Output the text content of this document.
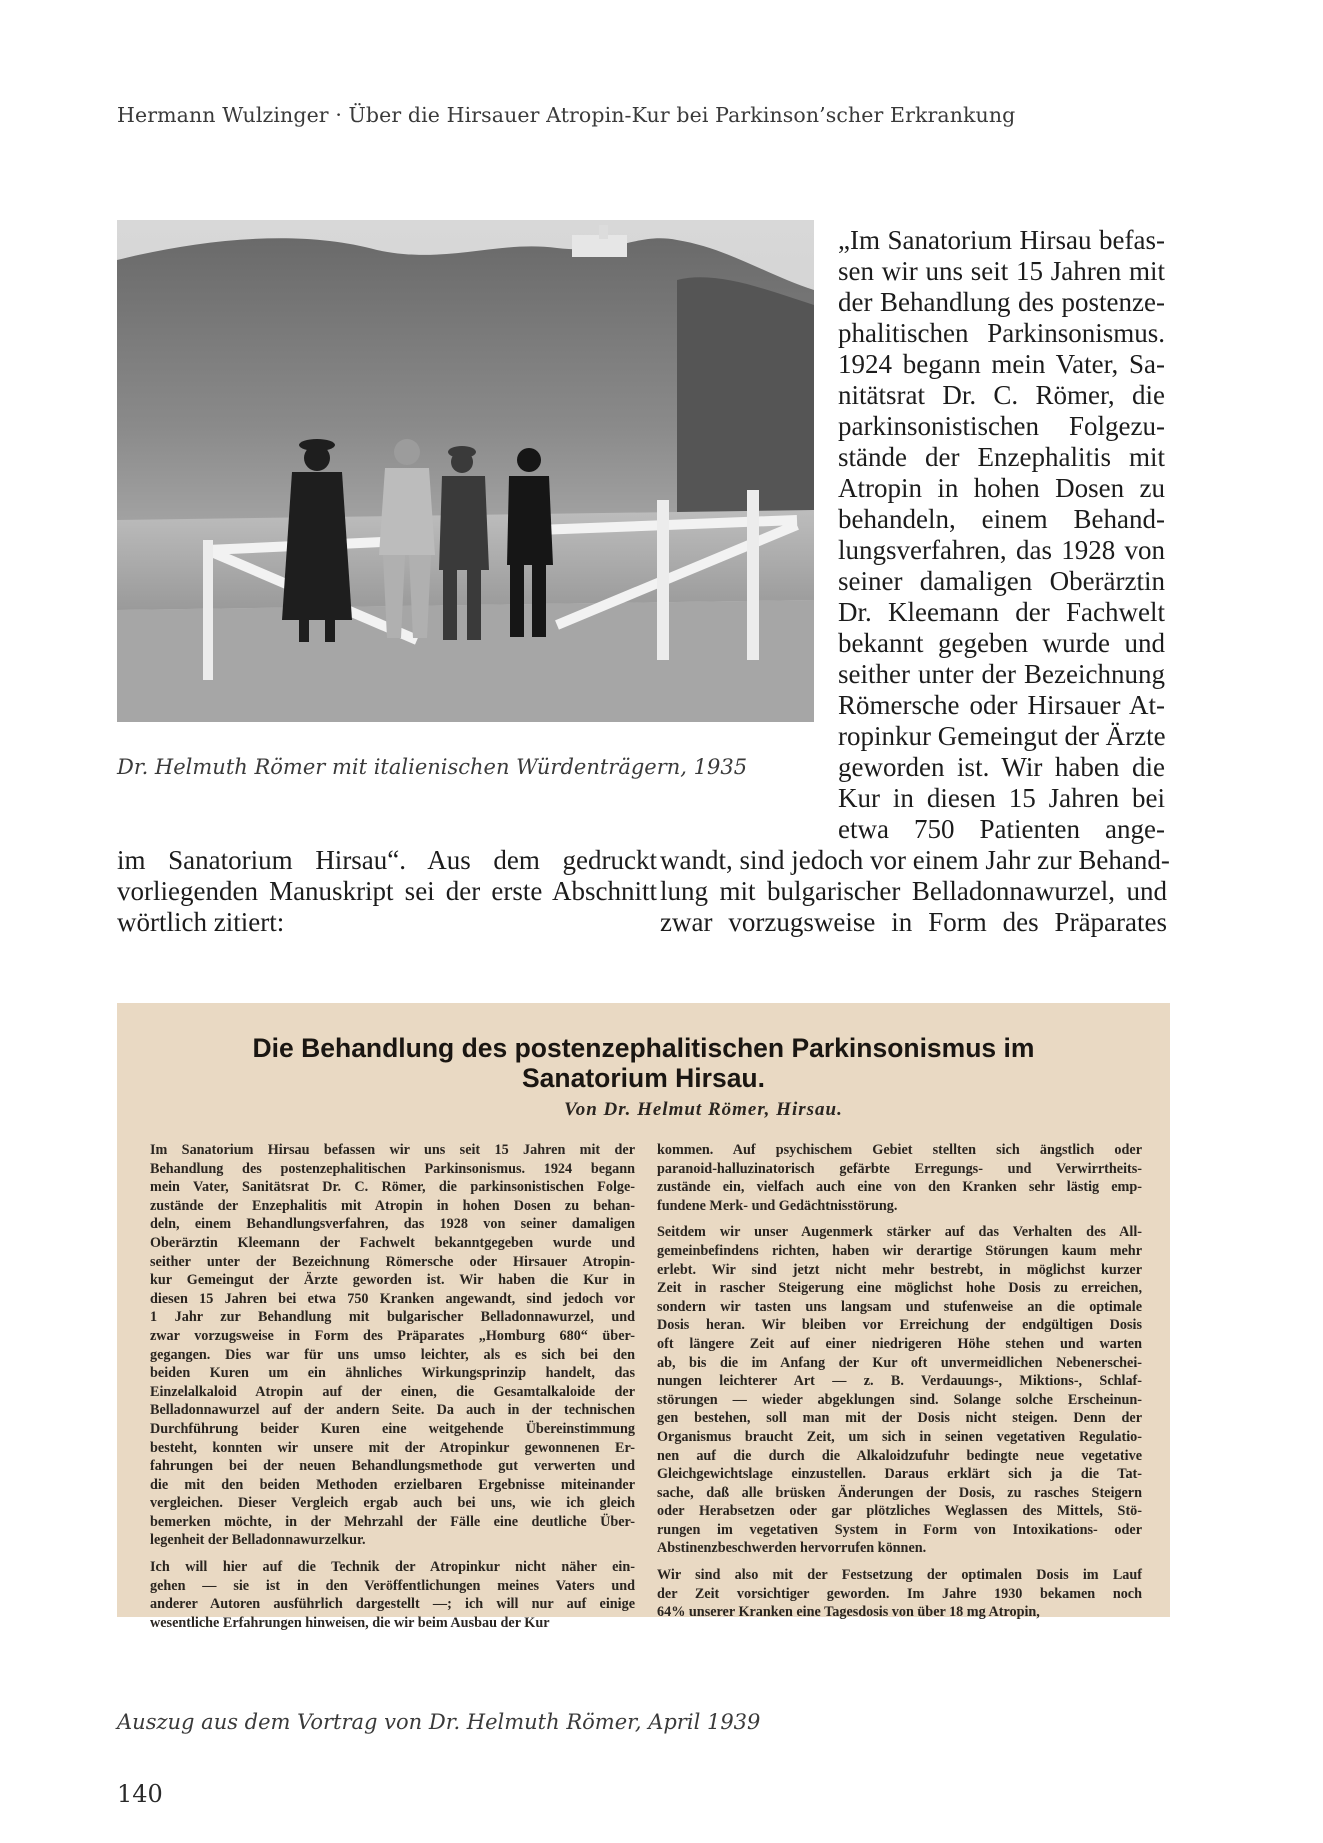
Hermann Wulzinger · Über die Hirsauer Atropin-Kur bei Parkinson’scher Erkrankung
Dr. Helmuth Römer mit italienischen Würdenträgern, 1935
„Im Sanatorium Hirsau befas-
sen wir uns seit 15 Jahren mit
der Behandlung des postenze-
phalitischen Parkinsonismus.
1924 begann mein Vater, Sa-
nitätsrat Dr. C. Römer, die
parkinsonistischen Folgezu-
stände der Enzephalitis mit
Atropin in hohen Dosen zu
behandeln, einem Behand-
lungsverfahren, das 1928 von
seiner damaligen Oberärztin
Dr. Kleemann der Fachwelt
bekannt gegeben wurde und
seither unter der Bezeichnung
Römersche oder Hirsauer At-
ropinkur Gemeingut der Ärzte
geworden ist. Wir haben die
Kur in diesen 15 Jahren bei
etwa 750 Patienten ange-
im Sanatorium Hirsau“. Aus dem gedruckt
vorliegenden Manuskript sei der erste Abschnitt
wörtlich zitiert:
wandt, sind jedoch vor einem Jahr zur Behand-
lung mit bulgarischer Belladonnawurzel, und
zwar vorzugsweise in Form des Präparates
Die Behandlung des postenzephalitischen Parkinsonismus im
Sanatorium Hirsau.
Von Dr. Helmut Römer, Hirsau.
Im Sanatorium Hirsau befassen wir uns seit 15 Jahren mit der
Behandlung des postenzephalitischen Parkinsonismus. 1924 begann
mein Vater, Sanitätsrat Dr. C. Römer, die parkinsonistischen Folge-
zustände der Enzephalitis mit Atropin in hohen Dosen zu behan-
deln, einem Behandlungsverfahren, das 1928 von seiner damaligen
Oberärztin Kleemann der Fachwelt bekanntgegeben wurde und
seither unter der Bezeichnung Römersche oder Hirsauer Atropin-
kur Gemeingut der Ärzte geworden ist. Wir haben die Kur in
diesen 15 Jahren bei etwa 750 Kranken angewandt, sind jedoch vor
1 Jahr zur Behandlung mit bulgarischer Belladonnawurzel, und
zwar vorzugsweise in Form des Präparates „Homburg 680“ über-
gegangen. Dies war für uns umso leichter, als es sich bei den
beiden Kuren um ein ähnliches Wirkungsprinzip handelt, das
Einzelalkaloid Atropin auf der einen, die Gesamtalkaloide der
Belladonnawurzel auf der andern Seite. Da auch in der technischen
Durchführung beider Kuren eine weitgehende Übereinstimmung
besteht, konnten wir unsere mit der Atropinkur gewonnenen Er-
fahrungen bei der neuen Behandlungsmethode gut verwerten und
die mit den beiden Methoden erzielbaren Ergebnisse miteinander
vergleichen. Dieser Vergleich ergab auch bei uns, wie ich gleich
bemerken möchte, in der Mehrzahl der Fälle eine deutliche Über-
legenheit der Belladonnawurzelkur.
Ich will hier auf die Technik der Atropinkur nicht näher ein-
gehen — sie ist in den Veröffentlichungen meines Vaters und
anderer Autoren ausführlich dargestellt —; ich will nur auf einige
wesentliche Erfahrungen hinweisen, die wir beim Ausbau der Kur
kommen. Auf psychischem Gebiet stellten sich ängstlich oder
paranoid-halluzinatorisch gefärbte Erregungs- und Verwirrtheits-
zustände ein, vielfach auch eine von den Kranken sehr lästig emp-
fundene Merk- und Gedächtnisstörung.
Seitdem wir unser Augenmerk stärker auf das Verhalten des All-
gemeinbefindens richten, haben wir derartige Störungen kaum mehr
erlebt. Wir sind jetzt nicht mehr bestrebt, in möglichst kurzer
Zeit in rascher Steigerung eine möglichst hohe Dosis zu erreichen,
sondern wir tasten uns langsam und stufenweise an die optimale
Dosis heran. Wir bleiben vor Erreichung der endgültigen Dosis
oft längere Zeit auf einer niedrigeren Höhe stehen und warten
ab, bis die im Anfang der Kur oft unvermeidlichen Nebenerschei-
nungen leichterer Art — z. B. Verdauungs-, Miktions-, Schlaf-
störungen — wieder abgeklungen sind. Solange solche Erscheinun-
gen bestehen, soll man mit der Dosis nicht steigen. Denn der
Organismus braucht Zeit, um sich in seinen vegetativen Regulatio-
nen auf die durch die Alkaloidzufuhr bedingte neue vegetative
Gleichgewichtslage einzustellen. Daraus erklärt sich ja die Tat-
sache, daß alle brüsken Änderungen der Dosis, zu rasches Steigern
oder Herabsetzen oder gar plötzliches Weglassen des Mittels, Stö-
rungen im vegetativen System in Form von Intoxikations- oder
Abstinenzbeschwerden hervorrufen können.
Wir sind also mit der Festsetzung der optimalen Dosis im Lauf
der Zeit vorsichtiger geworden. Im Jahre 1930 bekamen noch
64% unserer Kranken eine Tagesdosis von über 18 mg Atropin,
Auszug aus dem Vortrag von Dr. Helmuth Römer, April 1939
140
